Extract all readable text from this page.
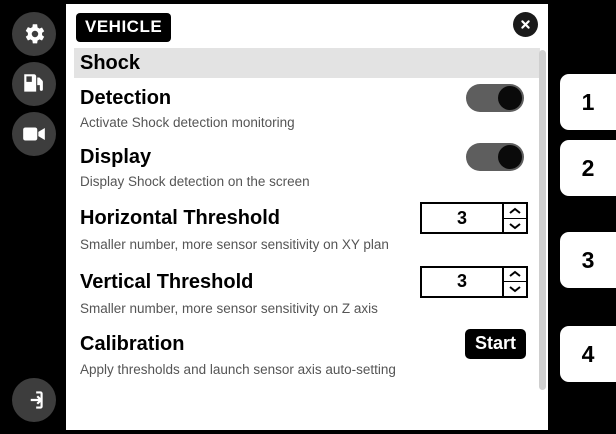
L
1
2
3
4
VEHICLE
Shock
Detection
Activate Shock detection monitoring
Display
Display Shock detection on the screen
Horizontal Threshold	3
Smaller number, more sensor sensitivity on XY plan
Vertical Threshold	3
Smaller number, more sensor sensitivity on Z axis
Calibration	Start
Apply thresholds and launch sensor axis auto-setting
